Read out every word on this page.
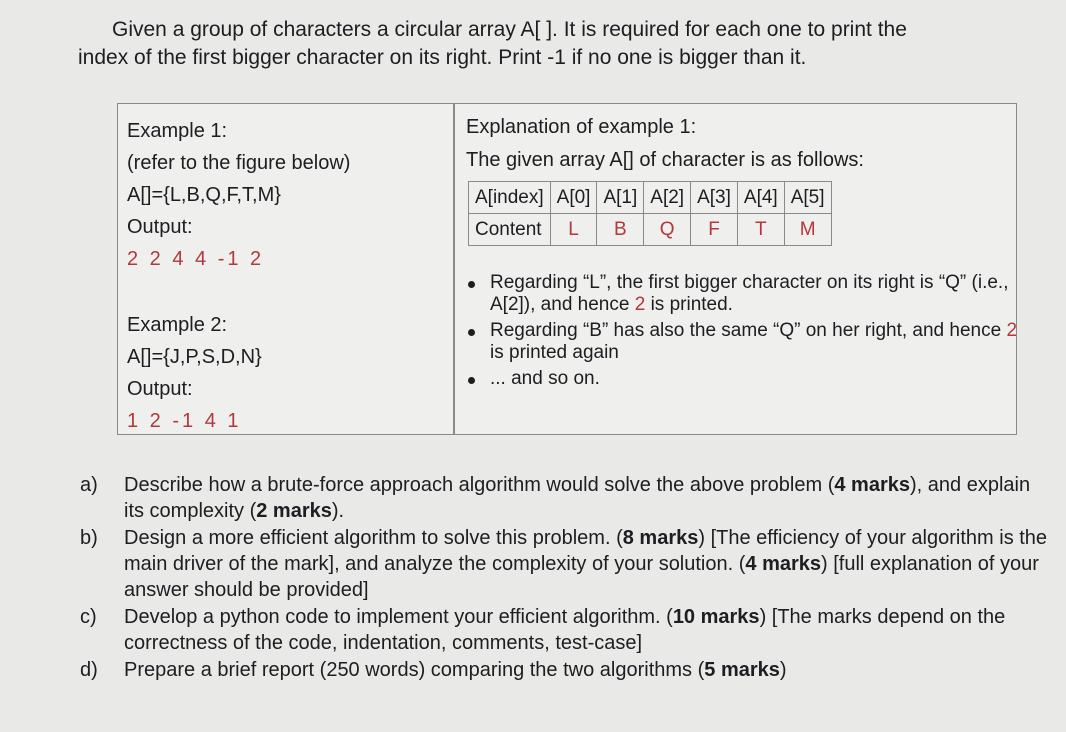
Given a group of characters a circular array A[ ]. It is required for each one to print the
index of the first bigger character on its right. Print -1 if no one is bigger than it.
Example 1:
(refer to the figure below)
A[]={L,B,Q,F,T,M}
Output:
2 2 4 4 -1 2
Example 2:
A[]={J,P,S,D,N}
Output:
1 2 -1 4 1
Explanation of example 1:
The given array A[] of character is as follows:
A[index]	A[0]	A[1]	A[2]	A[3]	A[4]	A[5]
Content	L	B	Q	F	T	M
Regarding “L”, the first bigger character on its right is “Q” (i.e., A[2]), and hence 2 is printed.
Regarding “B” has also the same “Q” on her right, and hence 2 is printed again
... and so on.
a)	Describe how a brute-force approach algorithm would solve the above problem (4 marks), and explain its complexity (2 marks).
b)	Design a more efficient algorithm to solve this problem. (8 marks) [The efficiency of your algorithm is the main driver of the mark], and analyze the complexity of your solution. (4 marks) [full explanation of your answer should be provided]
c)	Develop a python code to implement your efficient algorithm. (10 marks) [The marks depend on the correctness of the code, indentation, comments, test-case]
d)	Prepare a brief report (250 words) comparing the two algorithms (5 marks)
